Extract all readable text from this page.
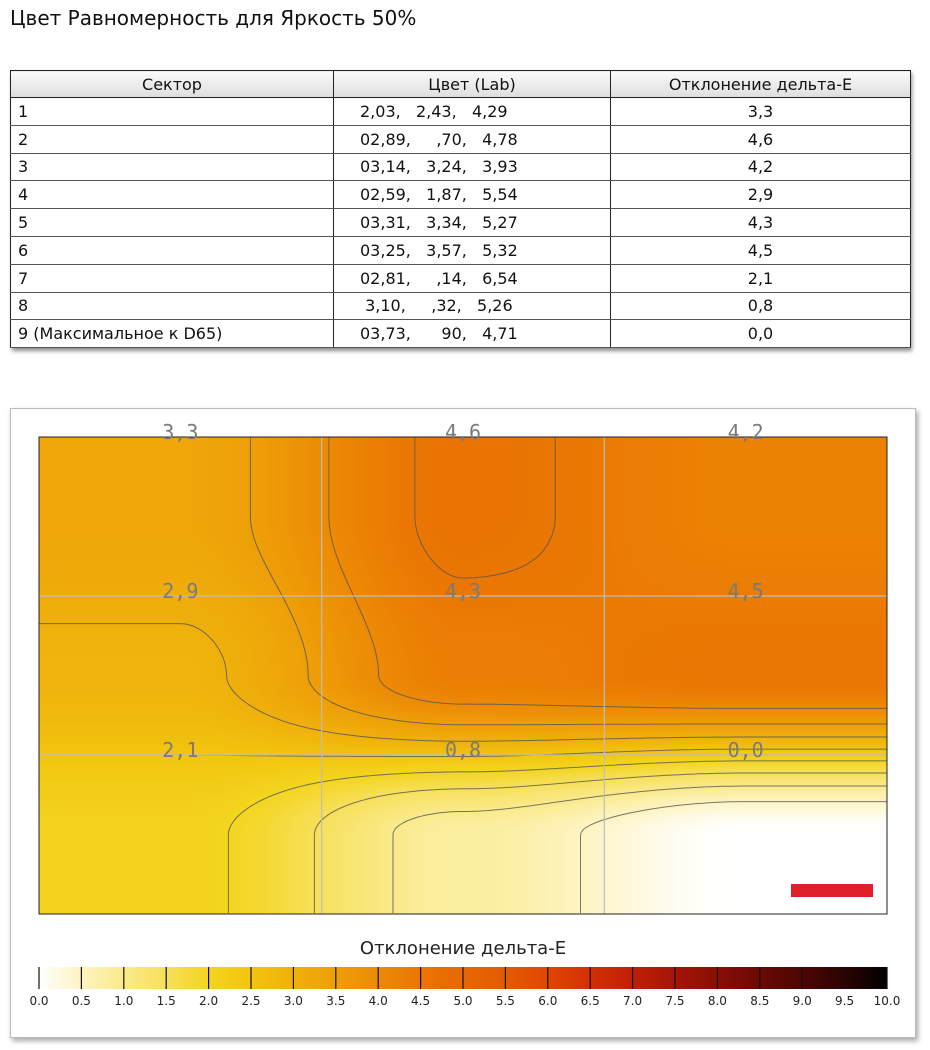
Цвет Равномерность для Яркость 50%
Сектор	Цвет (Lab)	Отклонение дельта-Е
1	2,03,   2,43,   4,29	3,3
2	02,89,     ,70,   4,78	4,6
3	03,14,   3,24,   3,93	4,2
4	02,59,   1,87,   5,54	2,9
5	03,31,   3,34,   5,27	4,3
6	03,25,   3,57,   5,32	4,5
7	02,81,     ,14,   6,54	2,1
8	3,10,     ,32,   5,26	0,8
9 (Максимальное к D65)	03,73,      90,   4,71	0,0
3,3	4,6	4,2
2,9	4,3	4,5
2,1	0,8	0,0
Отклонение дельта-Е
0.0 0.5 1.0 1.5 2.0 2.5 3.0 3.5 4.0 4.5 5.0 5.5 6.0 6.5 7.0 7.5 8.0 8.5 9.0 9.5 10.0
